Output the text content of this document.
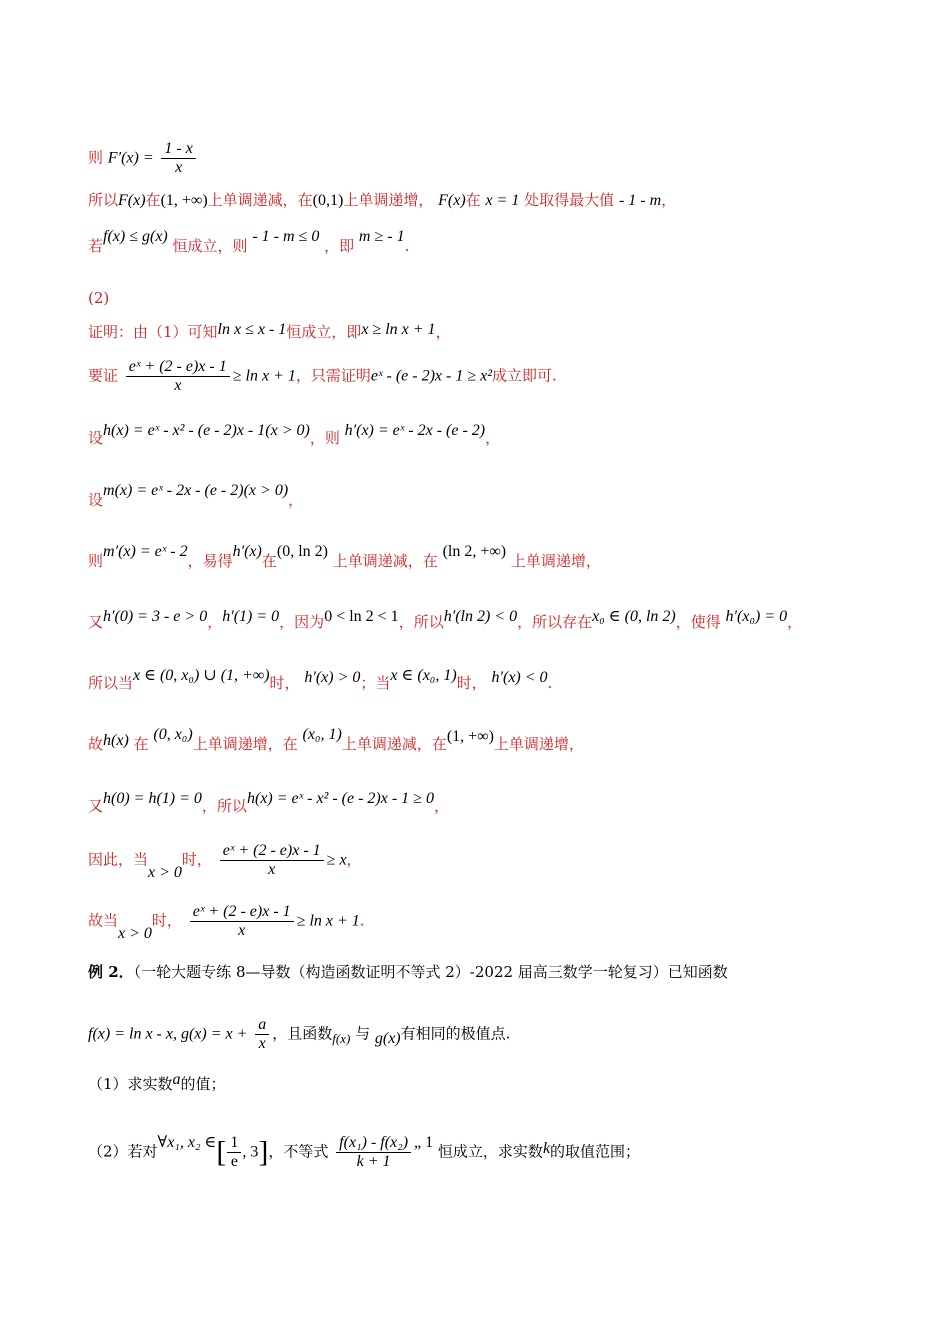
则 $F'(x) = \frac{1 - x}{x}$
所以F(x)在(1, +∞)上单调递减，在(0,1)上单调递增， F(x)在 x = 1 处取得最大值 - 1 - m，
若f(x) ≤ g(x) 恒成立，则 - 1 - m ≤ 0 ，即 m ≥ - 1.
(2)
证明：由（1）可知ln x ≤ x - 1恒成立，即x ≥ ln x + 1，
要证 $\frac{\text{eˣ + (2 - e)x - 1}}{x} \ge \ln x + 1$，只需证明eˣ - (e - 2)x - 1 ≥ x²成立即可.
设h(x) = eˣ - x² - (e - 2)x - 1(x > 0)，则 h′(x) = eˣ - 2x - (e - 2)，
设m(x) = eˣ - 2x - (e - 2)(x > 0)，
则m′(x) = eˣ - 2，易得h′(x)在(0, ln 2) 上单调递减，在 (ln 2, +∞) 上单调递增，
又h′(0) = 3 - e > 0，h′(1) = 0，因为0 < ln 2 < 1，所以h′(ln 2) < 0，所以存在x₀ ∈ (0, ln 2)，使得 h′(x₀) = 0，
所以当x ∈ (0, x₀) ∪ (1, +∞)时， h′(x) > 0；当x ∈ (x₀, 1)时， h′(x) < 0.
故h(x) 在 (0, x₀)上单调递增，在 (x₀, 1)上单调递减，在(1, +∞)上单调递增，
又h(0) = h(1) = 0，所以h(x) = eˣ - x² - (e - 2)x - 1 ≥ 0，
因此，当x > 0时， $\frac{\text{eˣ + (2 - e)x - 1}}{x} \ge x$，
故当x > 0时， $\frac{\text{eˣ + (2 - e)x - 1}}{x} \ge \ln x + 1$.
例 2．（一轮大题专练 8—导数（构造函数证明不等式 2）-2022 届高三数学一轮复习）已知函数
f(x) = ln x - x, $g(x) = x + \frac{a}{x}$ ，且函数f(x) 与 g(x)有相同的极值点.
（1）求实数a的值；
（2）若对∀x₁, x₂ ∈[ $\frac{1}{e}$ , 3]，不等式 $\frac{\text{f(x₁) - f(x₂)}}{k + 1}$ „ 1 恒成立，求实数k的取值范围；
